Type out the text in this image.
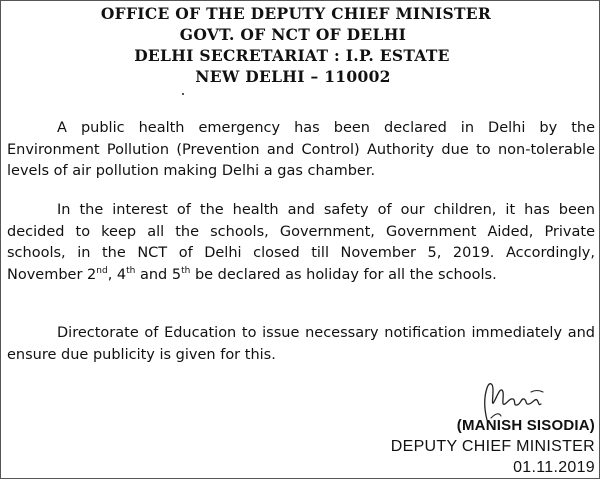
OFFICE OF THE DEPUTY CHIEF MINISTER
GOVT. OF NCT OF DELHI
DELHI SECRETARIAT : I.P. ESTATE
NEW DELHI – 110002

A public health emergency has been declared in Delhi by the Environment Pollution (Prevention and Control) Authority due to non-tolerable levels of air pollution making Delhi a gas chamber.

In the interest of the health and safety of our children, it has been decided to keep all the schools, Government, Government Aided, Private schools, in the NCT of Delhi closed till November 5, 2019. Accordingly, November 2nd, 4th and 5th be declared as holiday for all the schools.

Directorate of Education to issue necessary notification immediately and ensure due publicity is given for this.

(MANISH SISODIA)
DEPUTY CHIEF MINISTER
01.11.2019
